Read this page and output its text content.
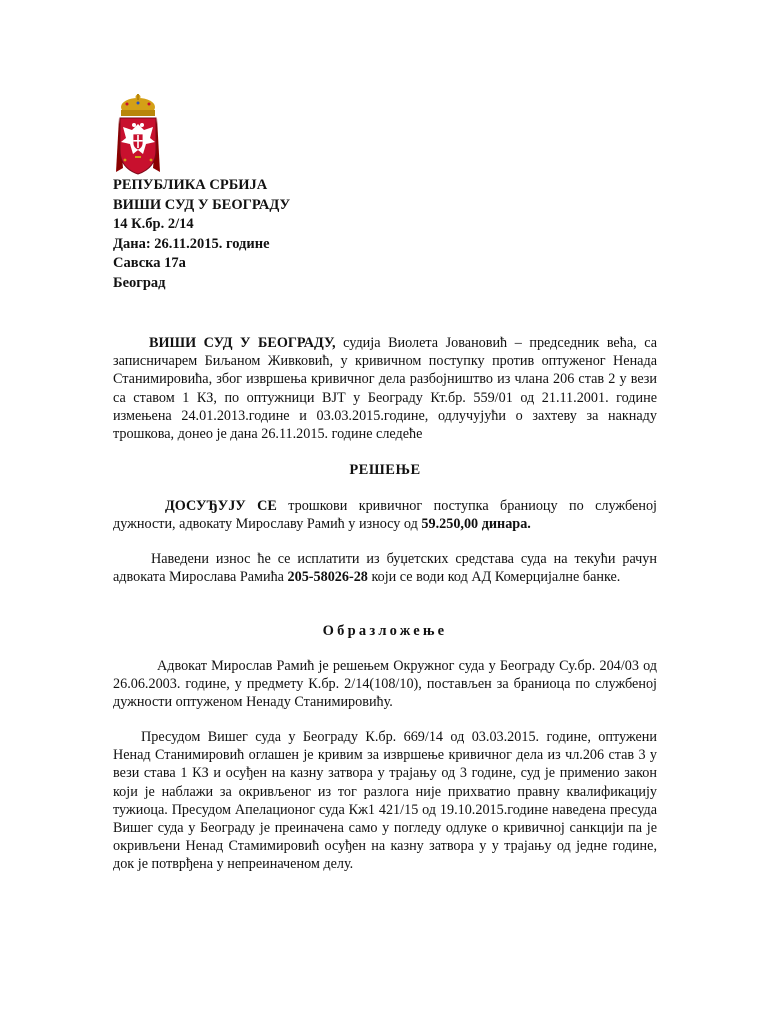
РЕПУБЛИКА СРБИЈА
ВИШИ СУД У БЕОГРАДУ
14 К.бр. 2/14
Дана: 26.11.2015. године
Савска 17а
Београд
ВИШИ СУД У БЕОГРАДУ, судија Виолета Јовановић – председник већа, са записничарем Биљаном Живковић, у кривичном поступку против оптуженог Ненада Станимировића, због извршења кривичног дела разбојништво из члана 206 став 2 у вези са ставом 1 КЗ, по оптужници ВЈТ у Београду Кт.бр. 559/01 од 21.11.2001. године измењена 24.01.2013.године и 03.03.2015.године, одлучујући о захтеву за накнаду трошкова, донео је дана 26.11.2015. године следеће
РЕШЕЊЕ
ДОСУЂУЈУ СЕ трошкови кривичног поступка браниоцу по службеној дужности, адвокату Мирославу Рамић у износу од 59.250,00 динара.
Наведени износ ће се исплатити из буџетских средстава суда на текући рачун адвоката Мирослава Рамића 205-58026-28 који се води код АД Комерцијалне банке.
Образложење
Адвокат Мирослав Рамић је решењем Окружног суда у Београду Су.бр. 204/03 од 26.06.2003. године, у предмету К.бр. 2/14(108/10), постављен за браниоца по службеној дужности оптуженом Ненаду Станимировићу.
Пресудом Вишег суда у Београду К.бр. 669/14 од 03.03.2015. године, оптужени Ненад Станимировић оглашен је кривим за извршење кривичног дела из чл.206 став 3 у вези става 1 КЗ и осуђен на казну затвора у трајању од 3 године, суд је применио закон који је наблажи за окривљеног из тог разлога није прихватио правну квалификацију тужиоца. Пресудом Апелационог суда Кж1 421/15 од 19.10.2015.године наведена пресуда Вишег суда у Београду је преиначена само у погледу одлуке о кривичној санкцији па је окривљени Ненад Стамимировић осуђен на казну затвора у у трајању од једне године, док је потврђена у непреиначеном делу.
